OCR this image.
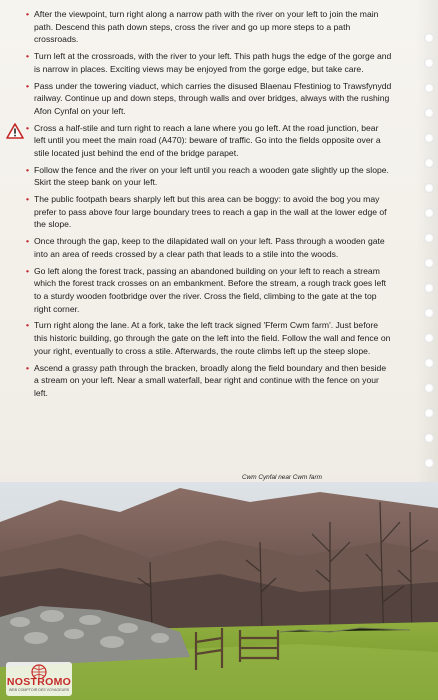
• After the viewpoint, turn right along a narrow path with the river on your left to join the main path. Descend this path down steps, cross the river and go up more steps to a path crossroads.
• Turn left at the crossroads, with the river to your left. This path hugs the edge of the gorge and is narrow in places. Exciting views may be enjoyed from the gorge edge, but take care.
• Pass under the towering viaduct, which carries the disused Blaenau Ffestiniog to Trawsfynydd railway. Continue up and down steps, through walls and over bridges, always with the rushing Afon Cynfal on your left.
• Cross a half-stile and turn right to reach a lane where you go left. At the road junction, bear left until you meet the main road (A470): beware of traffic. Go into the fields opposite over a stile located just behind the end of the bridge parapet.
• Follow the fence and the river on your left until you reach a wooden gate slightly up the slope. Skirt the steep bank on your left.
• The public footpath bears sharply left but this area can be boggy: to avoid the bog you may prefer to pass above four large boundary trees to reach a gap in the wall at the lower edge of the slope.
• Once through the gap, keep to the dilapidated wall on your left. Pass through a wooden gate into an area of reeds crossed by a clear path that leads to a stile into the woods.
• Go left along the forest track, passing an abandoned building on your left to reach a stream which the forest track crosses on an embankment. Before the stream, a rough track goes left to a sturdy wooden footbridge over the river. Cross the field, climbing to the gate at the top right corner.
• Turn right along the lane. At a fork, take the left track signed 'Fferm Cwm farm'. Just before this historic building, go through the gate on the left into the field. Follow the wall and fence on your right, eventually to cross a stile. Afterwards, the route climbs left up the steep slope.
• Ascend a grassy path through the bracken, broadly along the field boundary and then beside a stream on your left. Near a small waterfall, bear right and continue with the fence on your left.
Cwm Cynfal near Cwm farm
NOSTROMO
WEB COMPTOIR DES VOYAGEURS
